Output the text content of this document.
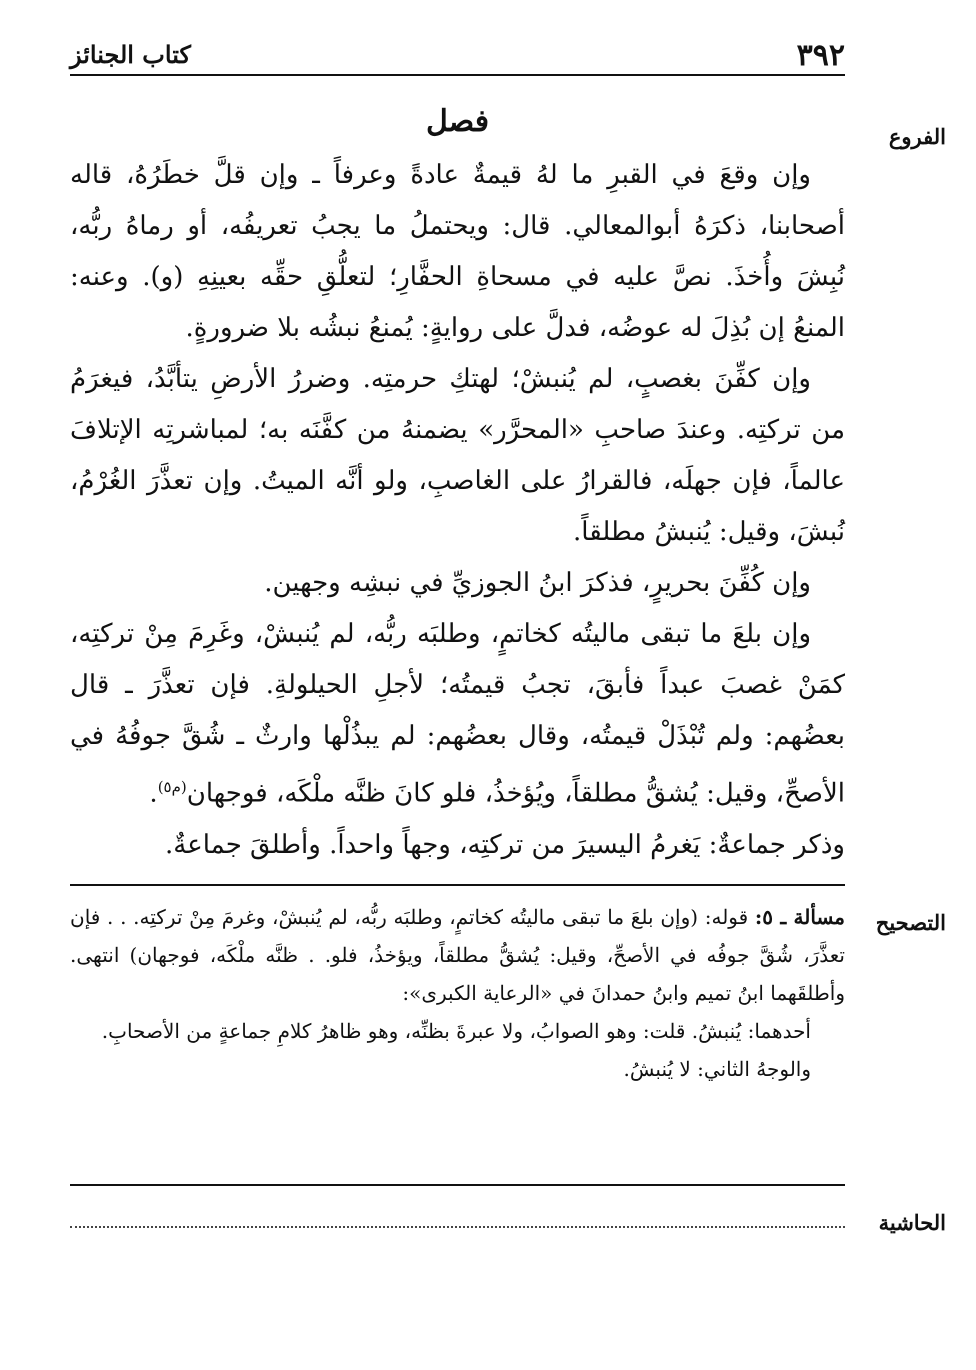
٣٩٢
كتاب الجنائز
الفروع
فصل

وإن وقعَ في القبرِ ما لهُ قيمةٌ عادةً وعرفاً ـ وإن قلَّ خطَرُهُ، قاله أصحابنا، ذكرَهُ أبوالمعالي. قال: ويحتملُ ما يجبُ تعريفُه، أو رماهُ ربُّه، نُبِشَ وأُخذَ. نصَّ عليه في مسحاةِ الحفَّارِ؛ لتعلُّقِ حقِّه بعينِهِ (و). وعنه: المنعُ إن بُذِلَ له عوضُه، فدلَّ على روايةٍ: يُمنعُ نبشُه بلا ضرورةٍ.

وإن كفِّنَ بغصبٍ، لم يُنبشْ؛ لهتكِ حرمتِه. وضررُ الأرضِ يتأبَّدُ، فيغرَمُ من تركتِه. وعندَ صاحبِ «المحرَّر» يضمنهُ من كفَّنَه به؛ لمباشرتِه الإتلافَ عالماً، فإن جهلَه، فالقرارُ على الغاصبِ، ولو أنَّه الميتُ. وإن تعذَّرَ الغُرْمُ، نُبشَ، وقيل: يُنبشُ مطلقاً.

وإن كُفِّنَ بحريرٍ، فذكرَ ابنُ الجوزيِّ في نبشِه وجهين.

وإن بلعَ ما تبقى ماليتُه كخاتمٍ، وطلبَه ربُّه، لم يُنبشْ، وغَرِمَ مِنْ تركتِه، كمَنْ غصبَ عبداً فأبقَ، تجبُ قيمتُه؛ لأجلِ الحيلولةِ. فإن تعذَّرَ ـ قال بعضُهم: ولم تُبْذَلْ قيمتُه، وقال بعضُهم: لم يبذُلْها وارثٌ ـ شُقَّ جوفُهُ في الأصحِّ، وقيل: يُشقُّ مطلقاً، ويُؤخذُ، فلو كانَ ظنَّه ملْكَه، فوجهان$^{(م٥)}$.

وذكر جماعةٌ: يَغرمُ اليسيرَ من تركتِه، وجهاً واحداً. وأطلقَ جماعةٌ.

التصحيح

مسألة ـ ٥: قوله: (وإن بلعَ ما تبقى ماليتُه كخاتمٍ، وطلبَه ربُّه، لم يُنبشْ، وغرمَ مِنْ تركتِه. . . فإن تعذَّرَ، شُقَّ جوفُه في الأصحِّ، وقيل: يُشقُّ مطلقاً، ويؤخذُ، فلو. . ظنَّه ملْكَه، فوجهان) انتهى. وأطلقَهما ابنُ تميم وابنُ حمدانَ في «الرعاية الكبرى»:

أحدهما: يُنبشُ. قلت: وهو الصوابُ، ولا عبرةَ بظنِّه، وهو ظاهرُ كلامِ جماعةٍ من الأصحابِ.

والوجهُ الثاني: لا يُنبشُ.

الحاشية
